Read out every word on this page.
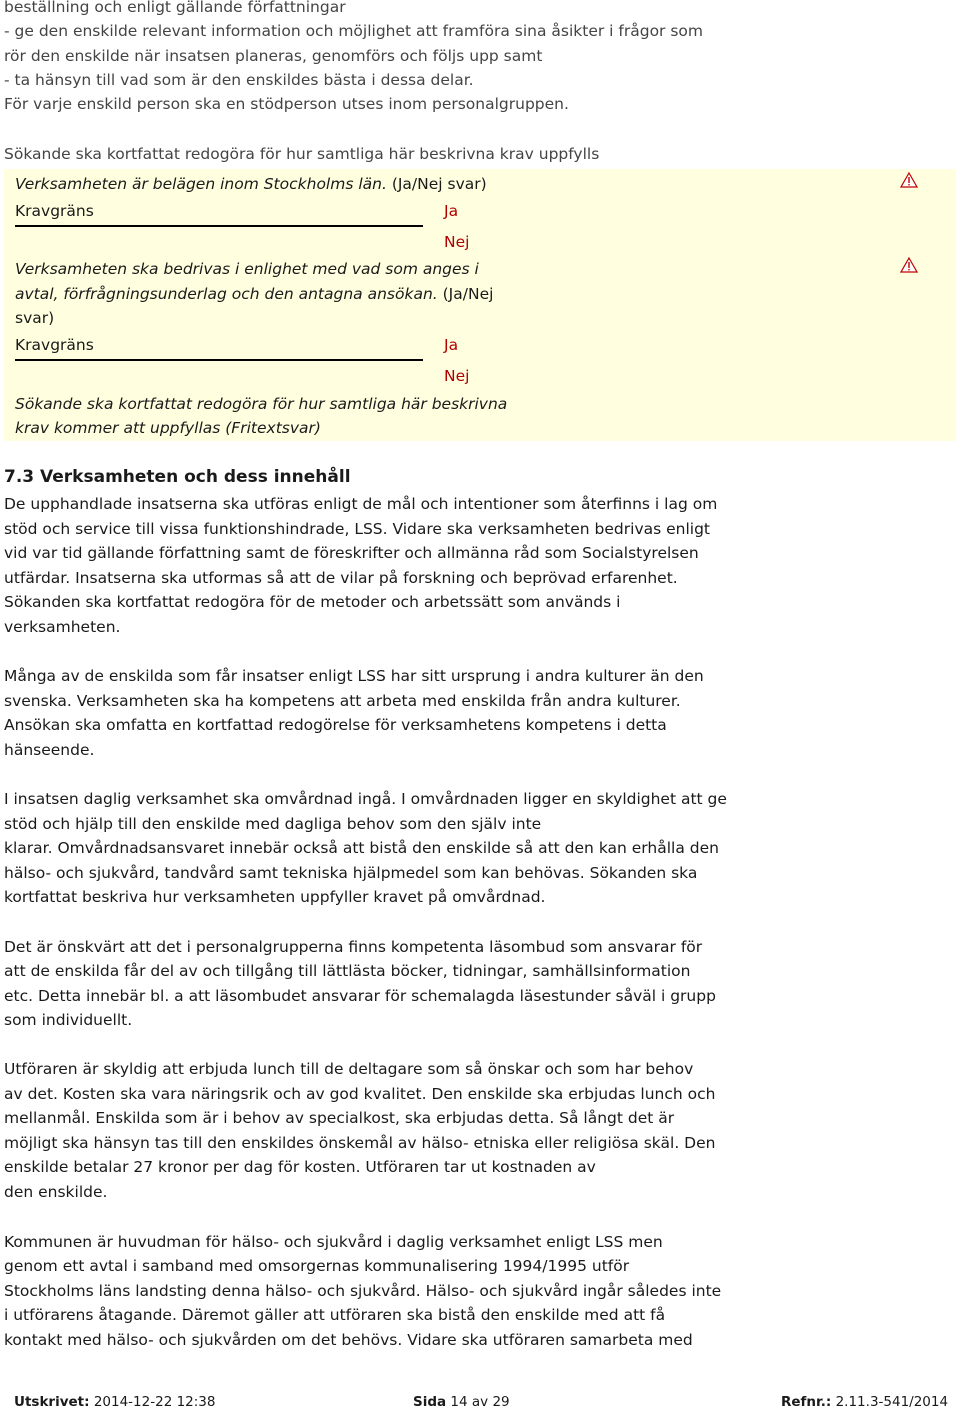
beställning och enligt gällande författningar
- ge den enskilde relevant information och möjlighet att framföra sina åsikter i frågor som
rör den enskilde när insatsen planeras, genomförs och följs upp samt
- ta hänsyn till vad som är den enskildes bästa i dessa delar.
För varje enskild person ska en stödperson utses inom personalgruppen.
Sökande ska kortfattat redogöra för hur samtliga här beskrivna krav uppfylls
Verksamheten är belägen inom Stockholms län. (Ja/Nej svar)
Kravgräns	Ja
Nej
Verksamheten ska bedrivas i enlighet med vad som anges i
avtal, förfrågningsunderlag och den antagna ansökan. (Ja/Nej
svar)
Kravgräns	Ja
Nej
Sökande ska kortfattat redogöra för hur samtliga här beskrivna
krav kommer att uppfyllas (Fritextsvar)
7.3 Verksamheten och dess innehåll
De upphandlade insatserna ska utföras enligt de mål och intentioner som återfinns i lag om
stöd och service till vissa funktionshindrade, LSS. Vidare ska verksamheten bedrivas enligt
vid var tid gällande författning samt de föreskrifter och allmänna råd som Socialstyrelsen
utfärdar. Insatserna ska utformas så att de vilar på forskning och beprövad erfarenhet.
Sökanden ska kortfattat redogöra för de metoder och arbetssätt som används i
verksamheten.
Många av de enskilda som får insatser enligt LSS har sitt ursprung i andra kulturer än den
svenska. Verksamheten ska ha kompetens att arbeta med enskilda från andra kulturer.
Ansökan ska omfatta en kortfattad redogörelse för verksamhetens kompetens i detta
hänseende.
I insatsen daglig verksamhet ska omvårdnad ingå. I omvårdnaden ligger en skyldighet att ge
stöd och hjälp till den enskilde med dagliga behov som den själv inte
klarar. Omvårdnadsansvaret innebär också att bistå den enskilde så att den kan erhålla den
hälso- och sjukvård, tandvård samt tekniska hjälpmedel som kan behövas. Sökanden ska
kortfattat beskriva hur verksamheten uppfyller kravet på omvårdnad.
Det är önskvärt att det i personalgrupperna finns kompetenta läsombud som ansvarar för
att de enskilda får del av och tillgång till lättlästa böcker, tidningar, samhällsinformation
etc. Detta innebär bl. a att läsombudet ansvarar för schemalagda läsestunder såväl i grupp
som individuellt.
Utföraren är skyldig att erbjuda lunch till de deltagare som så önskar och som har behov
av det. Kosten ska vara näringsrik och av god kvalitet. Den enskilde ska erbjudas lunch och
mellanmål. Enskilda som är i behov av specialkost, ska erbjudas detta. Så långt det är
möjligt ska hänsyn tas till den enskildes önskemål av hälso- etniska eller religiösa skäl. Den
enskilde betalar 27 kronor per dag för kosten. Utföraren tar ut kostnaden av
den enskilde.
Kommunen är huvudman för hälso- och sjukvård i daglig verksamhet enligt LSS men
genom ett avtal i samband med omsorgernas kommunalisering 1994/1995 utför
Stockholms läns landsting denna hälso- och sjukvård. Hälso- och sjukvård ingår således inte
i utförarens åtagande. Däremot gäller att utföraren ska bistå den enskilde med att få
kontakt med hälso- och sjukvården om det behövs. Vidare ska utföraren samarbeta med
Utskrivet: 2014-12-22 12:38	Sida 14 av 29	Refnr.: 2.11.3-541/2014
